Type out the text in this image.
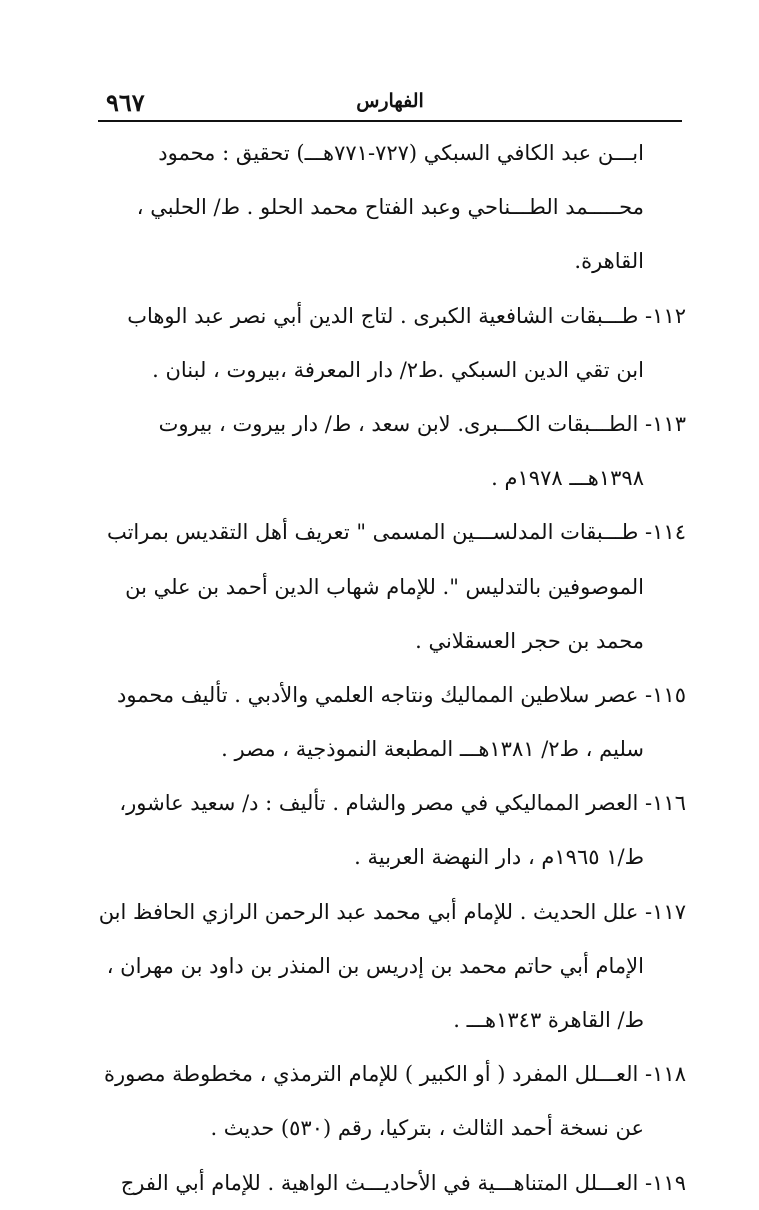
٩٦٧	الفهارس
ابـــن عبد الكافي السبكي (٧٢٧-٧٧١هـــ) تحقيق : محمود
محـــــمد الطـــناحي وعبد الفتاح محمد الحلو . ط/ الحلبي ،
القاهرة.
١١٢- طـــبقات الشافعية الكبرى . لتاج الدين أبي نصر عبد الوهاب
ابن تقي الدين السبكي .ط٢/ دار المعرفة ،بيروت ، لبنان .
١١٣- الطـــبقات الكـــبرى. لابن سعد ، ط/ دار بيروت ، بيروت
١٣٩٨هـــ ١٩٧٨م .
١١٤- طـــبقات المدلســـين المسمى " تعريف أهل التقديس بمراتب
الموصوفين بالتدليس ". للإمام شهاب الدين أحمد بن علي بن
محمد بن حجر العسقلاني .
١١٥- عصر سلاطين المماليك ونتاجه العلمي والأدبي . تأليف محمود
سليم ، ط٢/ ١٣٨١هـــ المطبعة النموذجية ، مصر .
١١٦- العصر المماليكي في مصر والشام . تأليف : د/ سعيد عاشور،
ط/١ ١٩٦٥م ، دار النهضة العربية .
١١٧- علل الحديث . للإمام أبي محمد عبد الرحمن الرازي الحافظ ابن
الإمام أبي حاتم محمد بن إدريس بن المنذر بن داود بن مهران ،
ط/ القاهرة ١٣٤٣هـــ .
١١٨- العـــلل المفرد ( أو الكبير ) للإمام الترمذي ، مخطوطة مصورة
عن نسخة أحمد الثالث ، بتركيا، رقم (٥٣٠) حديث .
١١٩- العـــلل المتناهـــية في الأحاديـــث الواهية . للإمام أبي الفرج
